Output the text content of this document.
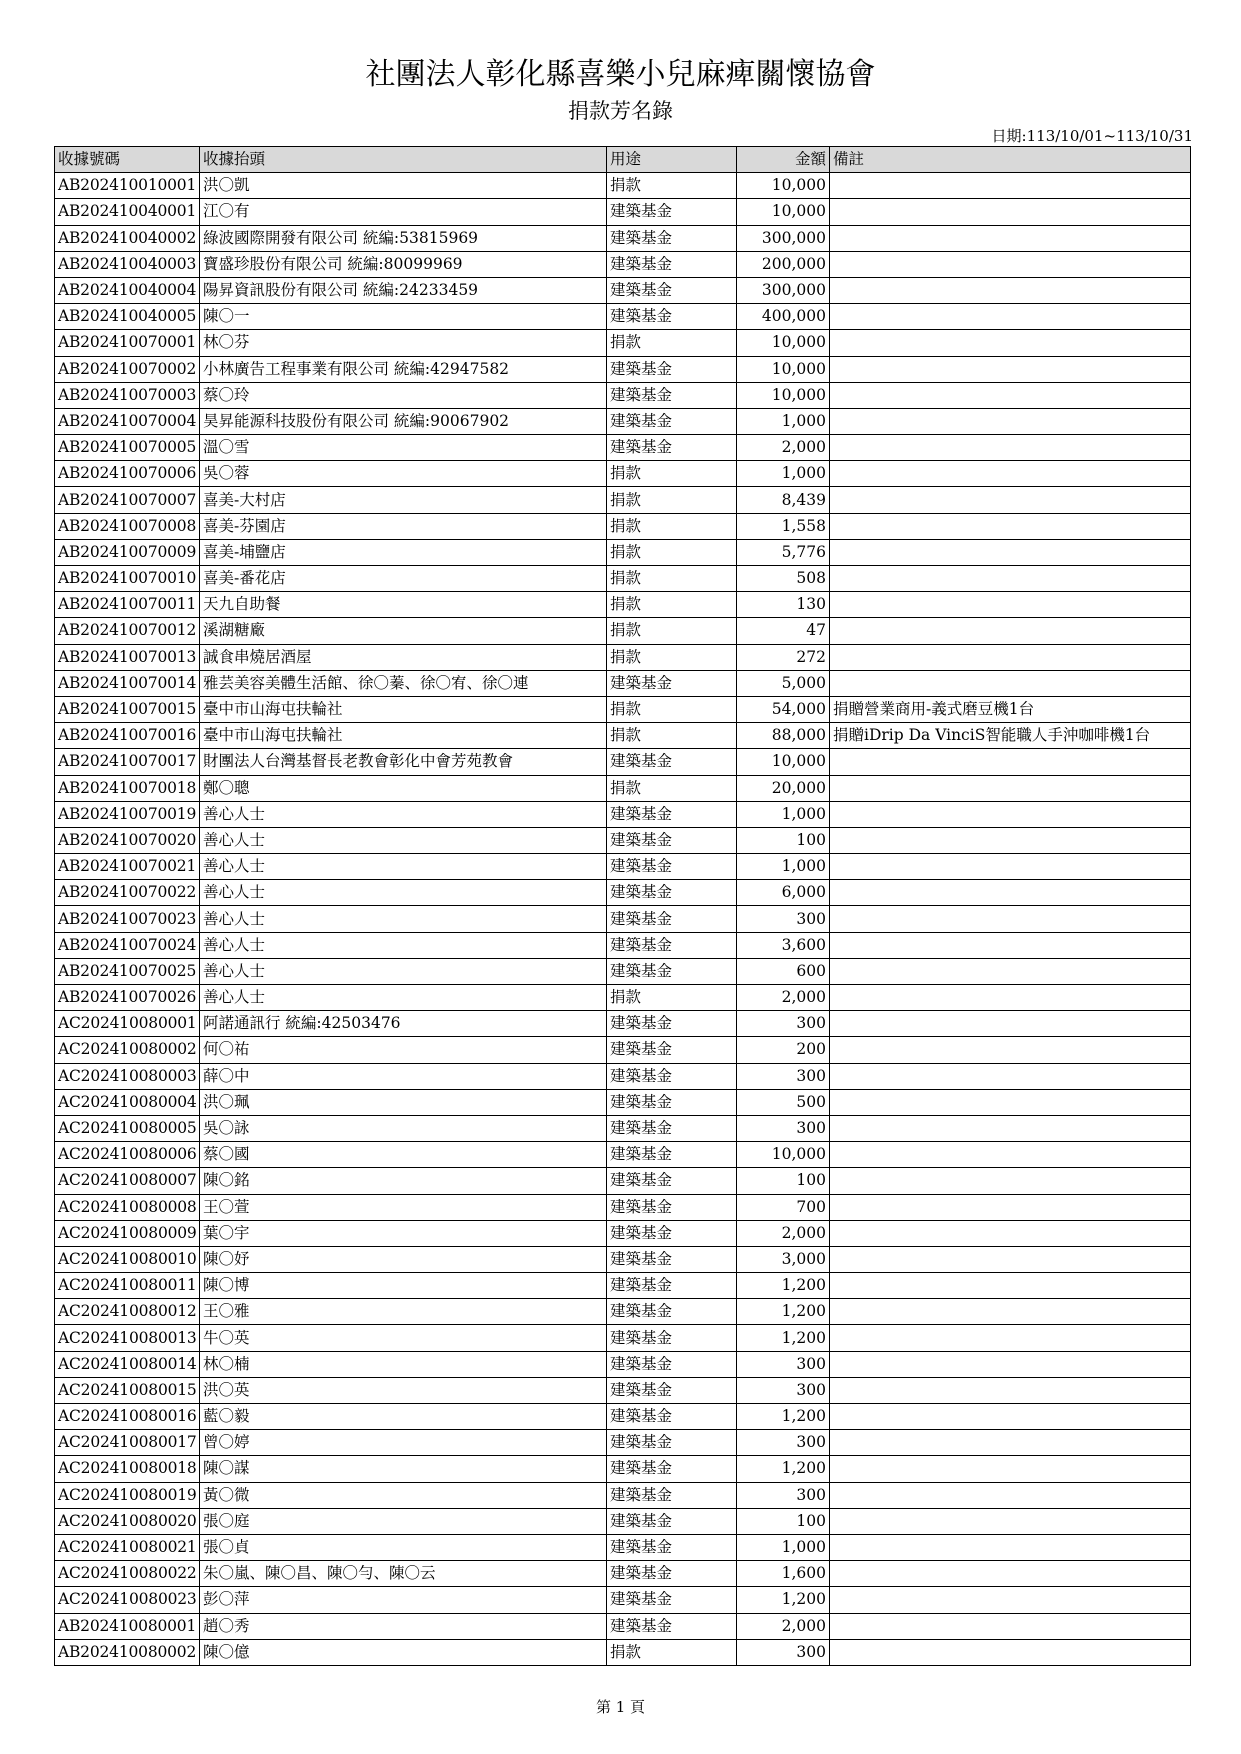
社團法人彰化縣喜樂小兒麻痺關懷協會
捐款芳名錄
日期:113/10/01~113/10/31
收據號碼	收據抬頭	用途	金額	備註
AB202410010001	洪〇凱	捐款	10,000	
AB202410040001	江〇有	建築基金	10,000	
AB202410040002	綠波國際開發有限公司 統編:53815969	建築基金	300,000	
AB202410040003	寶盛珍股份有限公司 統編:80099969	建築基金	200,000	
AB202410040004	陽昇資訊股份有限公司 統編:24233459	建築基金	300,000	
AB202410040005	陳〇一	建築基金	400,000	
AB202410070001	林〇芬	捐款	10,000	
AB202410070002	小林廣告工程事業有限公司 統編:42947582	建築基金	10,000	
AB202410070003	蔡〇玲	建築基金	10,000	
AB202410070004	昊昇能源科技股份有限公司 統編:90067902	建築基金	1,000	
AB202410070005	溫〇雪	建築基金	2,000	
AB202410070006	吳〇蓉	捐款	1,000	
AB202410070007	喜美-大村店	捐款	8,439	
AB202410070008	喜美-芬園店	捐款	1,558	
AB202410070009	喜美-埔鹽店	捐款	5,776	
AB202410070010	喜美-番花店	捐款	508	
AB202410070011	天九自助餐	捐款	130	
AB202410070012	溪湖糖廠	捐款	47	
AB202410070013	誠食串燒居酒屋	捐款	272	
AB202410070014	雅芸美容美體生活館、徐〇蓁、徐〇宥、徐〇連	建築基金	5,000	
AB202410070015	臺中市山海屯扶輪社	捐款	54,000	捐贈營業商用-義式磨豆機1台
AB202410070016	臺中市山海屯扶輪社	捐款	88,000	捐贈iDrip Da VinciS智能職人手沖咖啡機1台
AB202410070017	財團法人台灣基督長老教會彰化中會芳苑教會	建築基金	10,000	
AB202410070018	鄭〇聰	捐款	20,000	
AB202410070019	善心人士	建築基金	1,000	
AB202410070020	善心人士	建築基金	100	
AB202410070021	善心人士	建築基金	1,000	
AB202410070022	善心人士	建築基金	6,000	
AB202410070023	善心人士	建築基金	300	
AB202410070024	善心人士	建築基金	3,600	
AB202410070025	善心人士	建築基金	600	
AB202410070026	善心人士	捐款	2,000	
AC202410080001	阿諾通訊行 統編:42503476	建築基金	300	
AC202410080002	何〇祐	建築基金	200	
AC202410080003	薛〇中	建築基金	300	
AC202410080004	洪〇珮	建築基金	500	
AC202410080005	吳〇詠	建築基金	300	
AC202410080006	蔡〇國	建築基金	10,000	
AC202410080007	陳〇銘	建築基金	100	
AC202410080008	王〇萱	建築基金	700	
AC202410080009	葉〇宇	建築基金	2,000	
AC202410080010	陳〇妤	建築基金	3,000	
AC202410080011	陳〇博	建築基金	1,200	
AC202410080012	王〇雅	建築基金	1,200	
AC202410080013	牛〇英	建築基金	1,200	
AC202410080014	林〇楠	建築基金	300	
AC202410080015	洪〇英	建築基金	300	
AC202410080016	藍〇毅	建築基金	1,200	
AC202410080017	曾〇婷	建築基金	300	
AC202410080018	陳〇謀	建築基金	1,200	
AC202410080019	黃〇微	建築基金	300	
AC202410080020	張〇庭	建築基金	100	
AC202410080021	張〇貞	建築基金	1,000	
AC202410080022	朱〇嵐、陳〇昌、陳〇勻、陳〇云	建築基金	1,600	
AC202410080023	彭〇萍	建築基金	1,200	
AB202410080001	趙〇秀	建築基金	2,000	
AB202410080002	陳〇億	捐款	300	
第 1 頁
